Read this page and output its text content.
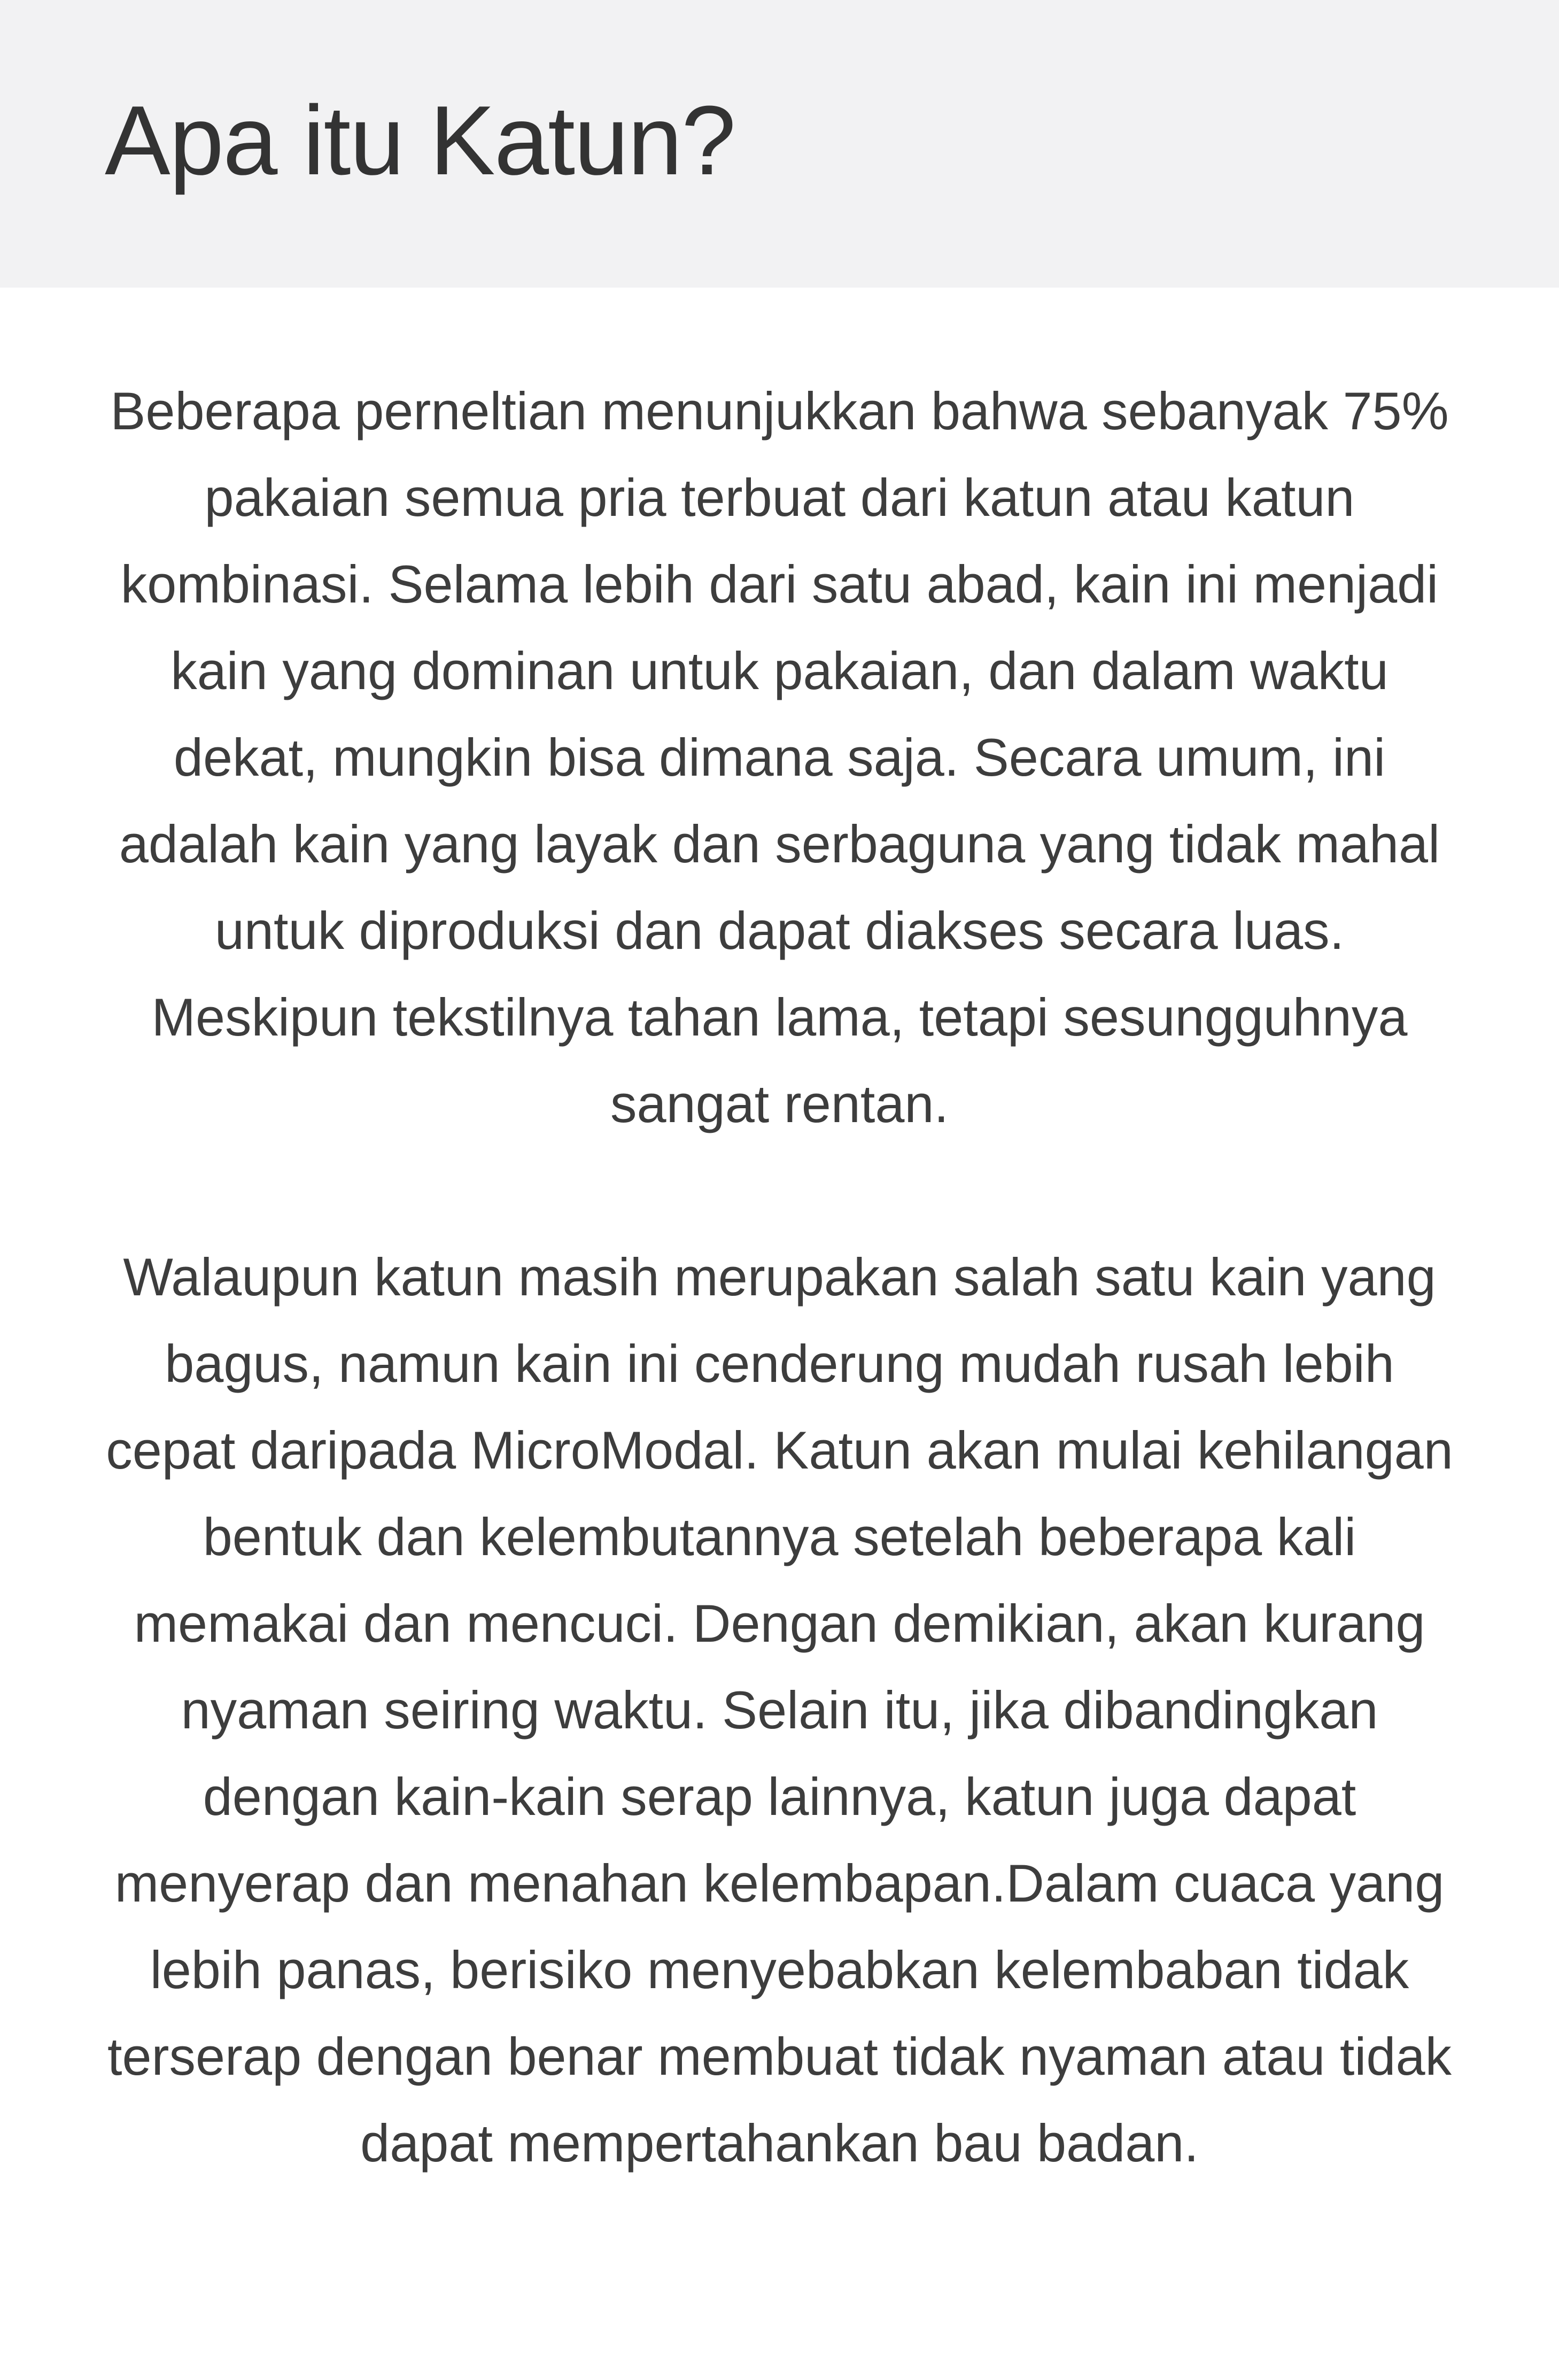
Apa itu Katun?

Beberapa perneltian menunjukkan bahwa sebanyak 75% pakaian semua pria terbuat dari katun atau katun kombinasi. Selama lebih dari satu abad, kain ini menjadi kain yang dominan untuk pakaian, dan dalam waktu dekat, mungkin bisa dimana saja. Secara umum, ini adalah kain yang layak dan serbaguna yang tidak mahal untuk diproduksi dan dapat diakses secara luas. Meskipun tekstilnya tahan lama, tetapi sesungguhnya sangat rentan.

Walaupun katun masih merupakan salah satu kain yang bagus, namun kain ini cenderung mudah rusah lebih cepat daripada MicroModal. Katun akan mulai kehilangan bentuk dan kelembutannya setelah beberapa kali memakai dan mencuci. Dengan demikian, akan kurang nyaman seiring waktu. Selain itu, jika dibandingkan dengan kain-kain serap lainnya, katun juga dapat menyerap dan menahan kelembapan.Dalam cuaca yang lebih panas, berisiko menyebabkan kelembaban tidak terserap dengan benar membuat tidak nyaman atau tidak dapat mempertahankan bau badan.
